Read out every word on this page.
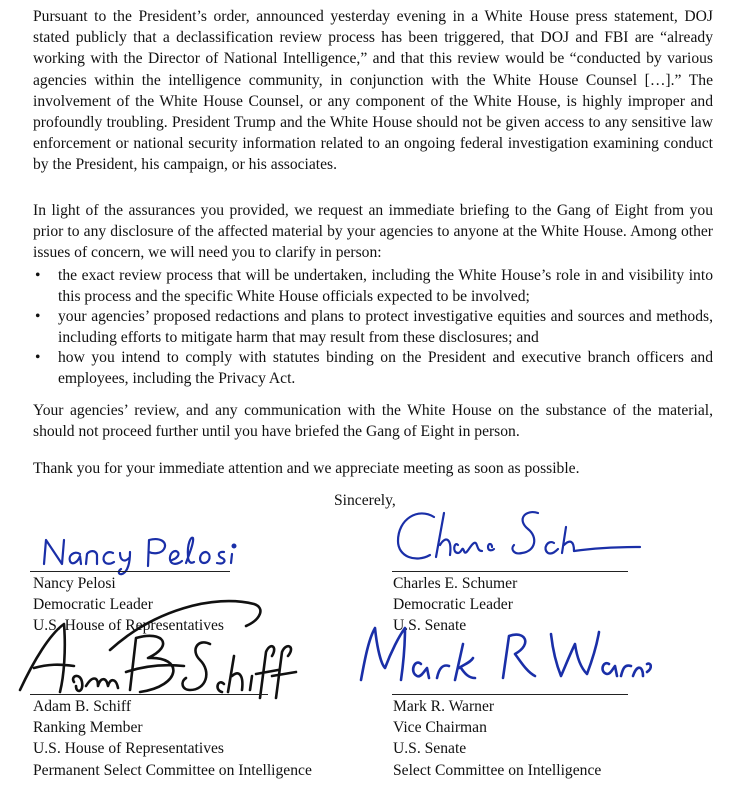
Pursuant to the President’s order, announced yesterday evening in a White House press statement, DOJ stated publicly that a declassification review process has been triggered, that DOJ and FBI are “already working with the Director of National Intelligence,” and that this review would be “conducted by various agencies within the intelligence community, in conjunction with the White House Counsel […].” The involvement of the White House Counsel, or any component of the White House, is highly improper and profoundly troubling. President Trump and the White House should not be given access to any sensitive law enforcement or national security information related to an ongoing federal investigation examining conduct by the President, his campaign, or his associates.

In light of the assurances you provided, we request an immediate briefing to the Gang of Eight from you prior to any disclosure of the affected material by your agencies to anyone at the White House. Among other issues of concern, we will need you to clarify in person:

• the exact review process that will be undertaken, including the White House’s role in and visibility into this process and the specific White House officials expected to be involved;
• your agencies’ proposed redactions and plans to protect investigative equities and sources and methods, including efforts to mitigate harm that may result from these disclosures; and
• how you intend to comply with statutes binding on the President and executive branch officers and employees, including the Privacy Act.

Your agencies’ review, and any communication with the White House on the substance of the material, should not proceed further until you have briefed the Gang of Eight in person.

Thank you for your immediate attention and we appreciate meeting as soon as possible.

Sincerely,

Nancy Pelosi
Democratic Leader
U.S. House of Representatives
Charles E. Schumer
Democratic Leader
U.S. Senate
Adam B. Schiff
Ranking Member
U.S. House of Representatives
Permanent Select Committee on Intelligence
Mark R. Warner
Vice Chairman
U.S. Senate
Select Committee on Intelligence
